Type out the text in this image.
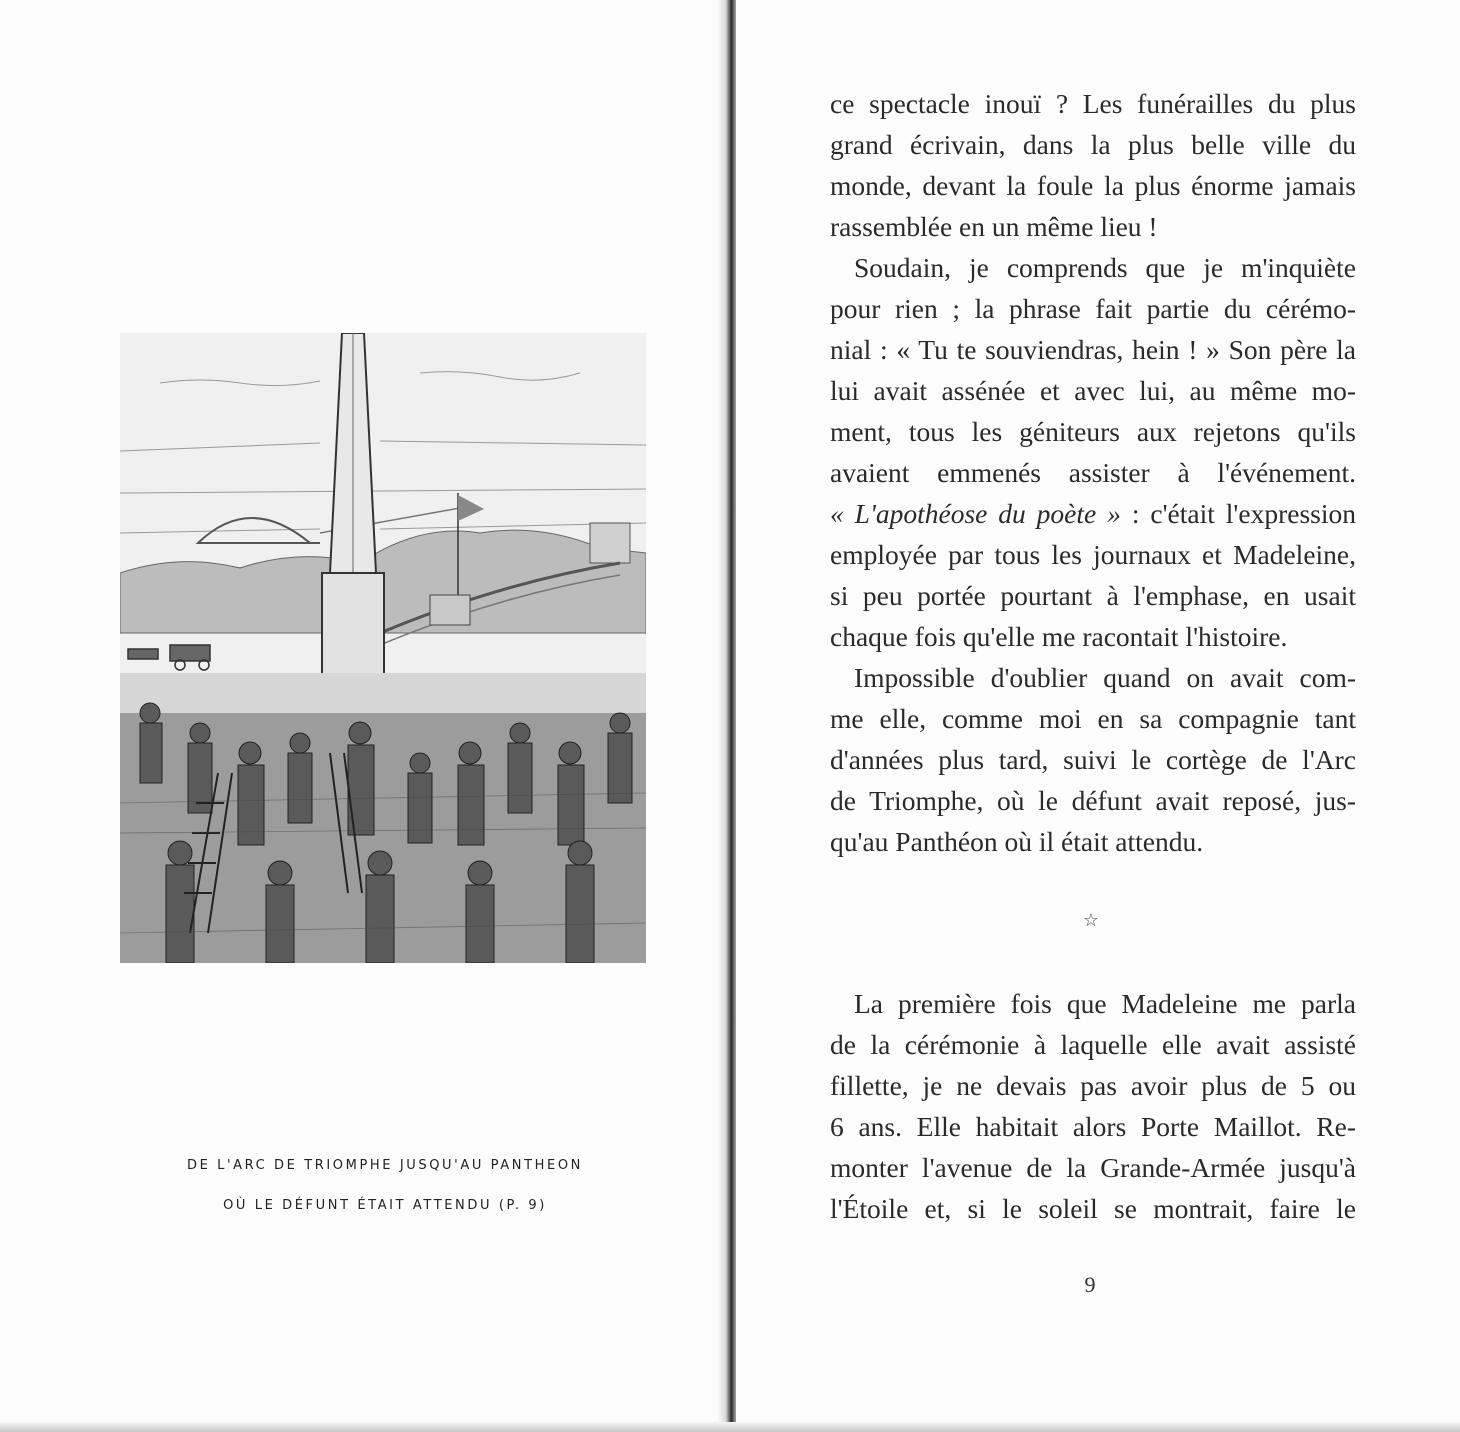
DE L'ARC DE TRIOMPHE JUSQU'AU PANTHEON
OÙ LE DÉFUNT ÉTAIT ATTENDU (P. 9)
ce spectacle inouï ? Les funérailles du plus
grand écrivain, dans la plus belle ville du
monde, devant la foule la plus énorme jamais
rassemblée en un même lieu !
Soudain, je comprends que je m'inquiète
pour rien ; la phrase fait partie du cérémo-
nial : « Tu te souviendras, hein ! » Son père la
lui avait assénée et avec lui, au même mo-
ment, tous les géniteurs aux rejetons qu'ils
avaient emmenés assister à l'événement.
« L'apothéose du poète » : c'était l'expression
employée par tous les journaux et Madeleine,
si peu portée pourtant à l'emphase, en usait
chaque fois qu'elle me racontait l'histoire.
Impossible d'oublier quand on avait com-
me elle, comme moi en sa compagnie tant
d'années plus tard, suivi le cortège de l'Arc
de Triomphe, où le défunt avait reposé, jus-
qu'au Panthéon où il était attendu.
☆
La première fois que Madeleine me parla
de la cérémonie à laquelle elle avait assisté
fillette, je ne devais pas avoir plus de 5 ou
6 ans. Elle habitait alors Porte Maillot. Re-
monter l'avenue de la Grande-Armée jusqu'à
l'Étoile et, si le soleil se montrait, faire le
9
